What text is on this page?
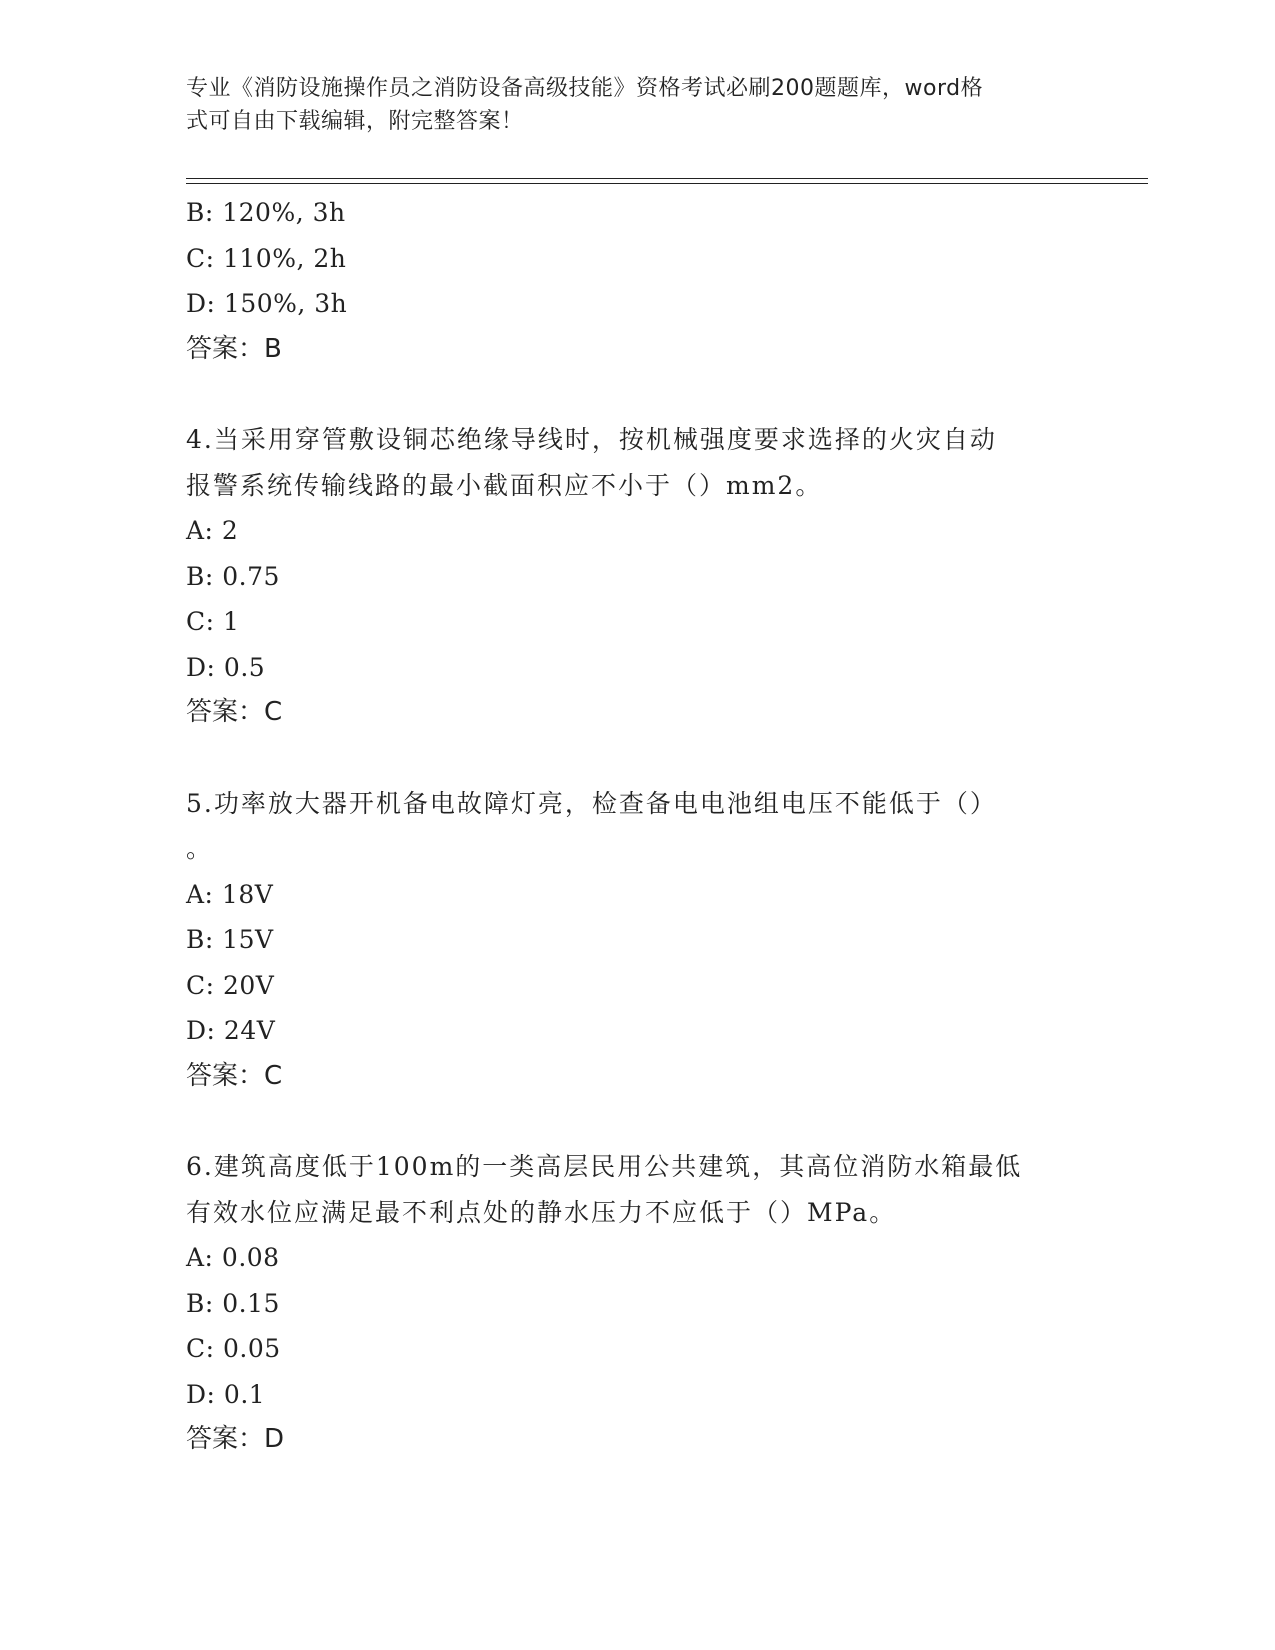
专业《消防设施操作员之消防设备高级技能》资格考试必刷200题题库，word格
式可自由下载编辑，附完整答案！
B: 120%, 3h
C: 110%, 2h
D: 150%, 3h
答案：B
4.当采用穿管敷设铜芯绝缘导线时，按机械强度要求选择的火灾自动
报警系统传输线路的最小截面积应不小于（）mm2。
A: 2
B: 0.75
C: 1
D: 0.5
答案：C
5.功率放大器开机备电故障灯亮，检查备电电池组电压不能低于（）
。
A: 18V
B: 15V
C: 20V
D: 24V
答案：C
6.建筑高度低于100m的一类高层民用公共建筑，其高位消防水箱最低
有效水位应满足最不利点处的静水压力不应低于（）MPa。
A: 0.08
B: 0.15
C: 0.05
D: 0.1
答案：D
